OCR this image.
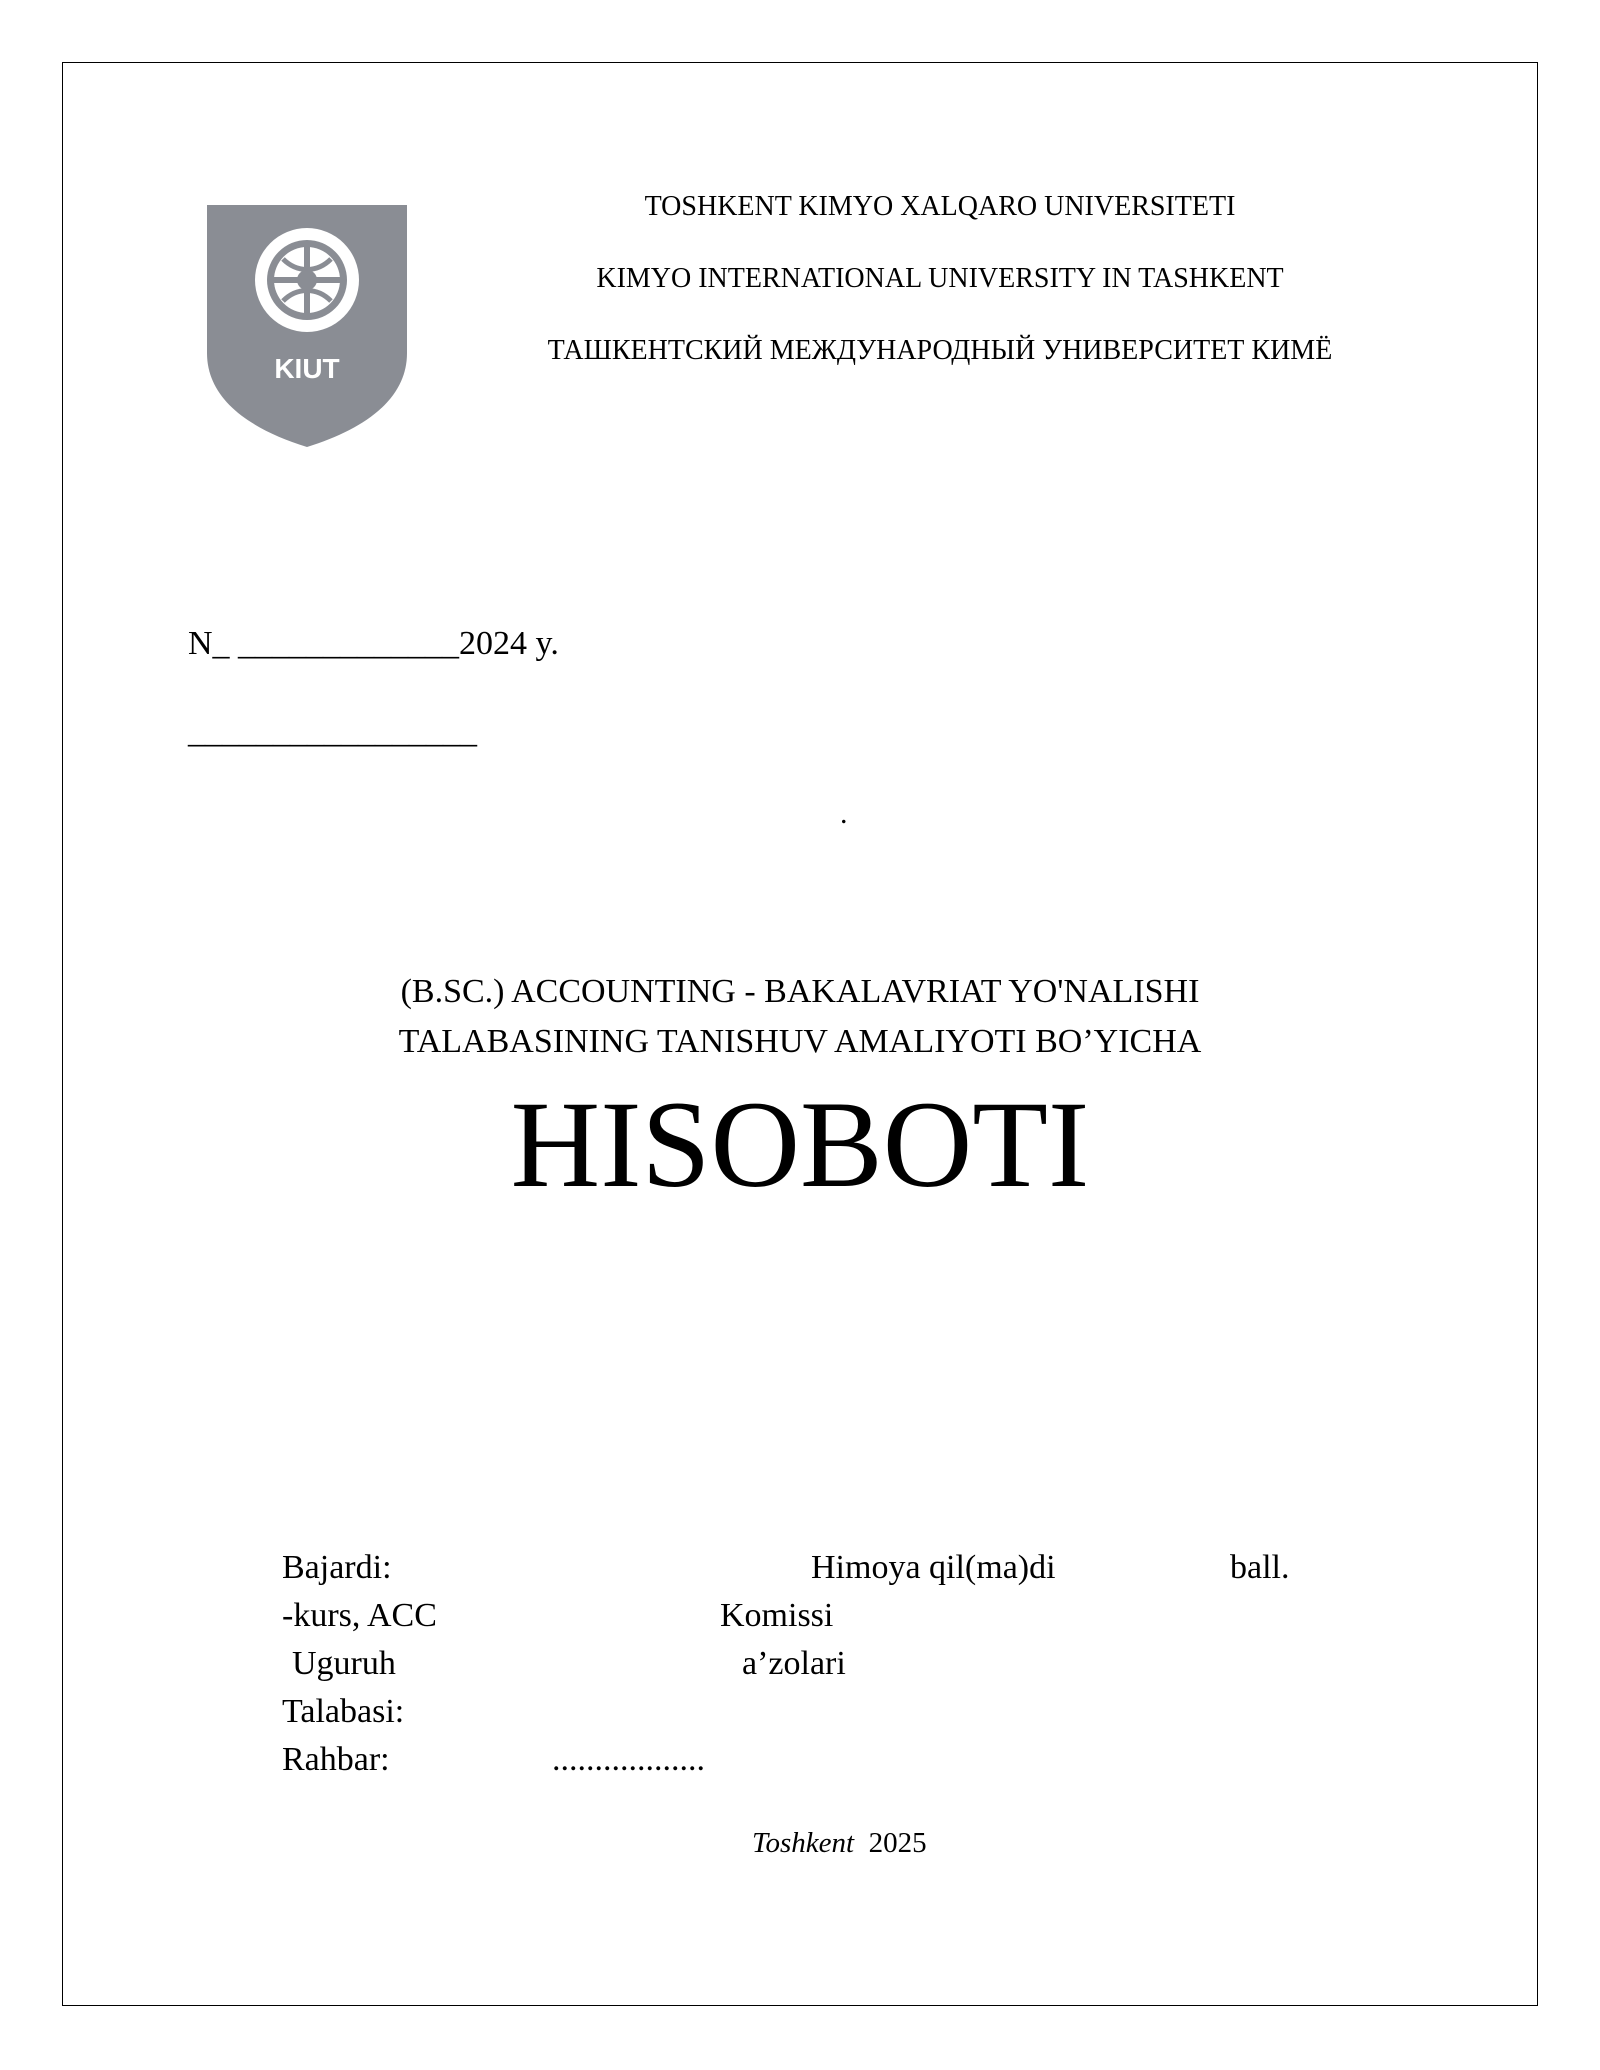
KIUT
TOSHKENT KIMYO XALQARO UNIVERSITETI
KIMYO INTERNATIONAL UNIVERSITY IN TASHKENT
ТАШКЕНТСКИЙ МЕЖДУНАРОДНЫЙ УНИВЕРСИТЕТ КИМЁ
N_ _____________2024 y.
_________________
.
(B.SC.) ACCOUNTING - BAKALAVRIAT YO'NALISHI
TALABASINING TANISHUV AMALIYOTI BO’YICHA
HISOBOTI
Bajardi:
-kurs, ACC
Uguruh
Talabasi:
Rahbar:	..................
Himoya qil(ma)di	ball.
Komissi
a’zolari
Toshkent 2025
